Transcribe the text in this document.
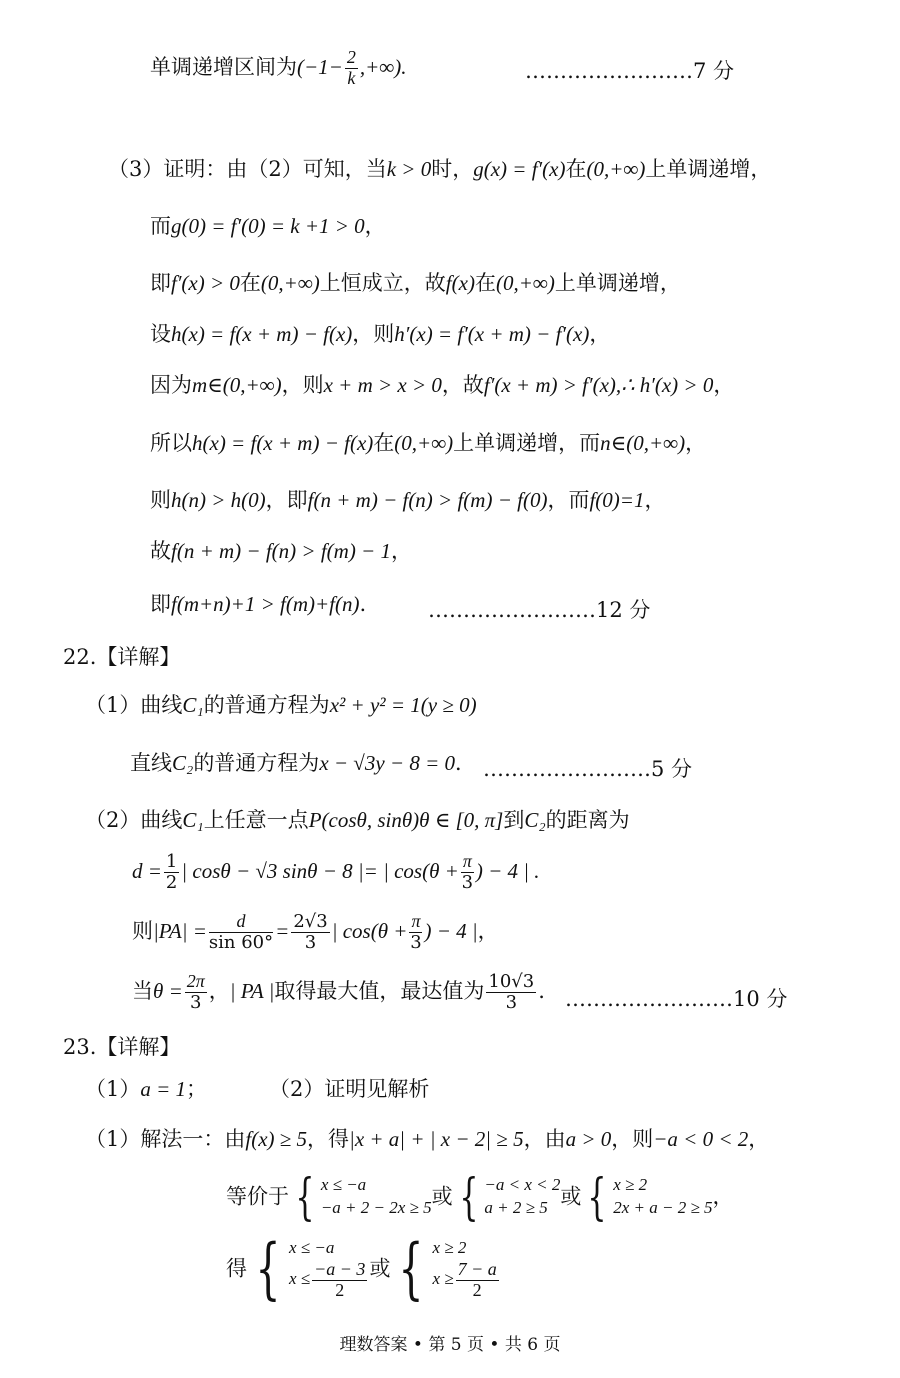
单调递增区间为($-1- \frac{2}{k}$ ,+∞).	……………………7 分
（3）证明：由（2）可知，当k > 0时，g(x) = f′(x)在(0,+∞)上单调递增，
而g(0) = f′(0) = k +1 > 0，
即f′(x) > 0在(0,+∞)上恒成立，故f(x)在(0,+∞)上单调递增，
设h(x) = f(x + m) − f(x)，则h′(x) = f′(x + m) − f′(x)，
因为m∈(0,+∞)，则x + m > x > 0，故f′(x + m) > f′(x),∴ h′(x) > 0，
所以h(x) = f(x + m) − f(x)在(0,+∞)上单调递增，而n∈(0,+∞)，
则h(n) > h(0)，即f(n + m) − f(n) > f(m) − f(0)，而f(0)=1，
故f(n + m) − f(n) > f(m) − 1，
即f(m+n)+1 > f(m)+f(n).	……………………12 分
22.【详解】
（1）曲线C₁的普通方程为x² + y² = 1(y ≥ 0)
直线C₂的普通方程为x − √3y − 8 = 0． ……………………5 分
（2）曲线C₁上任意一点P(cosθ, sinθ)θ ∈ [0, π]到C₂的距离为
$d = \frac{1}{2}$ | cosθ − √3 sinθ − 8 |= | $\cos(\theta + \frac{\pi}{3}$ ) − 4 | .
则$|PA| = \frac{d}{\sin 60^\circ} = \frac{2√3}{3}$ | $\cos(\theta + \frac{\pi}{3}$ ) − 4 |，
当$\theta = \frac{2\pi}{3}$ ，| PA |取得最大值，最达值为 $\frac{10√3}{3}$ . ……………………10 分
23.【详解】
（1）a = 1；	（2）证明见解析
（1）解法一：由f(x) ≥ 5，得|x + a| + | x − 2| ≥ 5，由a > 0，则−a < 0 < 2，
等价于 { x ≤ −a
−a + 2 − 2x ≥ 5 或 { −a < x < 2
a + 2 ≥ 5 或 { x ≥ 2
2x + a − 2 ≥ 5 ，
得 { x ≤ −a
$x \le \frac{-a - 3}{2}$ 或 { x ≥ 2
$x \ge \frac{7 - a}{2}$
理数答案 • 第 5 页 • 共 6 页
